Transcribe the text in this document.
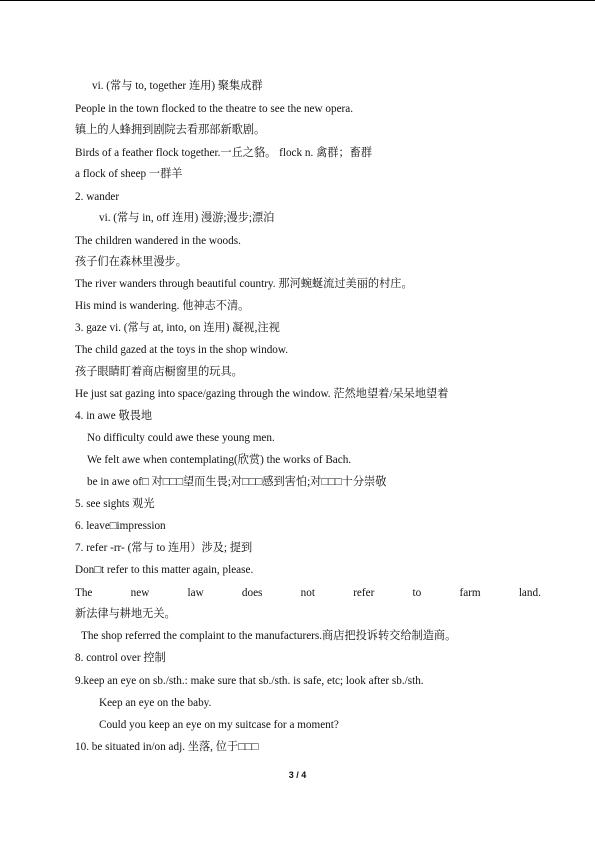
vi. (常与 to, together 连用) 聚集成群
People in the town flocked to the theatre to see the new opera.
镇上的人蜂拥到剧院去看那部新歌剧。
Birds of a feather flock together.一丘之貉。 flock n. 禽群；畜群
a flock of sheep 一群羊
2. wander
vi. (常与 in, off 连用) 漫游;漫步;漂泊
The children wandered in the woods.
孩子们在森林里漫步。
The river wanders through beautiful country. 那河蜿蜒流过美丽的村庄。
His mind is wandering. 他神志不清。
3. gaze vi. (常与 at, into, on 连用) 凝视,注视
The child gazed at the toys in the shop window.
孩子眼睛盯着商店橱窗里的玩具。
He just sat gazing into space/gazing through the window. 茫然地望着/呆呆地望着
4. in awe 敬畏地
No difficulty could awe these young men.
We felt awe when contemplating(欣赏) the works of Bach.
be in awe of□ 对□□□望而生畏;对□□□感到害怕;对□□□十分崇敬
5. see sights 观光
6. leave□impression
7. refer -rr- (常与 to 连用）涉及; 提到
Don□t refer to this matter again, please.
The	new	law	does	not	refer	to	farm	land.
新法律与耕地无关。
The shop referred the complaint to the manufacturers.商店把投诉转交给制造商。
8. control over 控制
9.keep an eye on sb./sth.: make sure that sb./sth. is safe, etc; look after sb./sth.
Keep an eye on the baby.
Could you keep an eye on my suitcase for a moment?
10. be situated in/on adj. 坐落, 位于□□□
3 / 4
